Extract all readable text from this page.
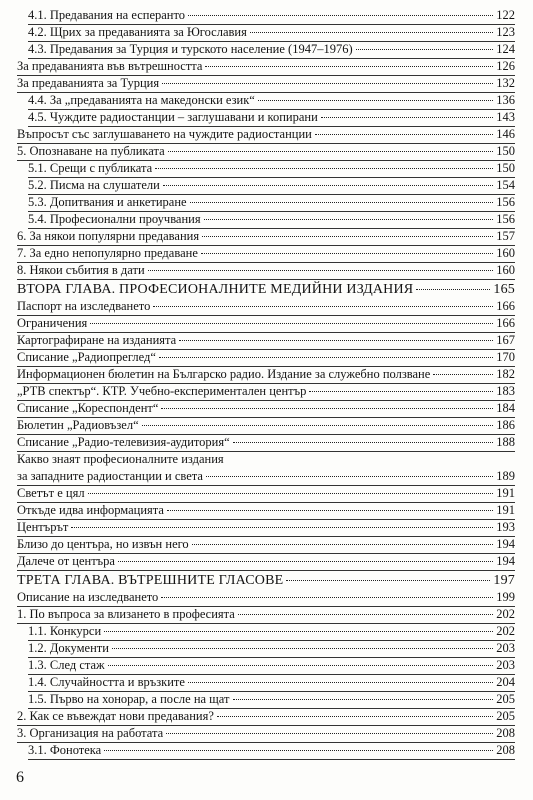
4.1. Предавания на есперанто	122
4.2. Щрих за предаванията за Югославия	123
4.3. Предавания за Турция и турското население (1947–1976)	124
За предаванията във вътрешността	126
За предаванията за Турция	132
4.4. За „предаванията на македонски език“	136
4.5. Чуждите радиостанции – заглушавани и копирани	143
Въпросът със заглушаването на чуждите радиостанции	146
5. Опознаване на публиката	150
5.1. Срещи с публиката	150
5.2. Писма на слушатели	154
5.3. Допитвания и анкетиране	156
5.4. Професионални проучвания	156
6. За някои популярни предавания	157
7. За едно непопулярно предаване	160
8. Някои събития в дати	160
ВТОРА ГЛАВА. ПРОФЕСИОНАЛНИТЕ МЕДИЙНИ ИЗДАНИЯ	165
Паспорт на изследването	166
Ограничения	166
Картографиране на изданията	167
Списание „Радиопреглед“	170
Информационен бюлетин на Българско радио. Издание за служебно ползване	182
„РТВ спектър“. КТР. Учебно-експериментален център	183
Списание „Кореспондент“	184
Бюлетин „Радиовъзел“	186
Списание „Радио-телевизия-аудитория“	188
Какво знаят професионалните издания
за западните радиостанции и света	189
Светът е цял	191
Откъде идва информацията	191
Центърът	193
Близо до центъра, но извън него	194
Далече от центъра	194
ТРЕТА ГЛАВА. ВЪТРЕШНИТЕ ГЛАСОВЕ	197
Описание на изследването	199
1. По въпроса за влизането в професията	202
1.1. Конкурси	202
1.2. Документи	203
1.3. След стаж	203
1.4. Случайността и връзките	204
1.5. Първо на хонорар, а после на щат	205
2. Как се въвеждат нови предавания?	205
3. Организация на работата	208
3.1. Фонотека	208
6
